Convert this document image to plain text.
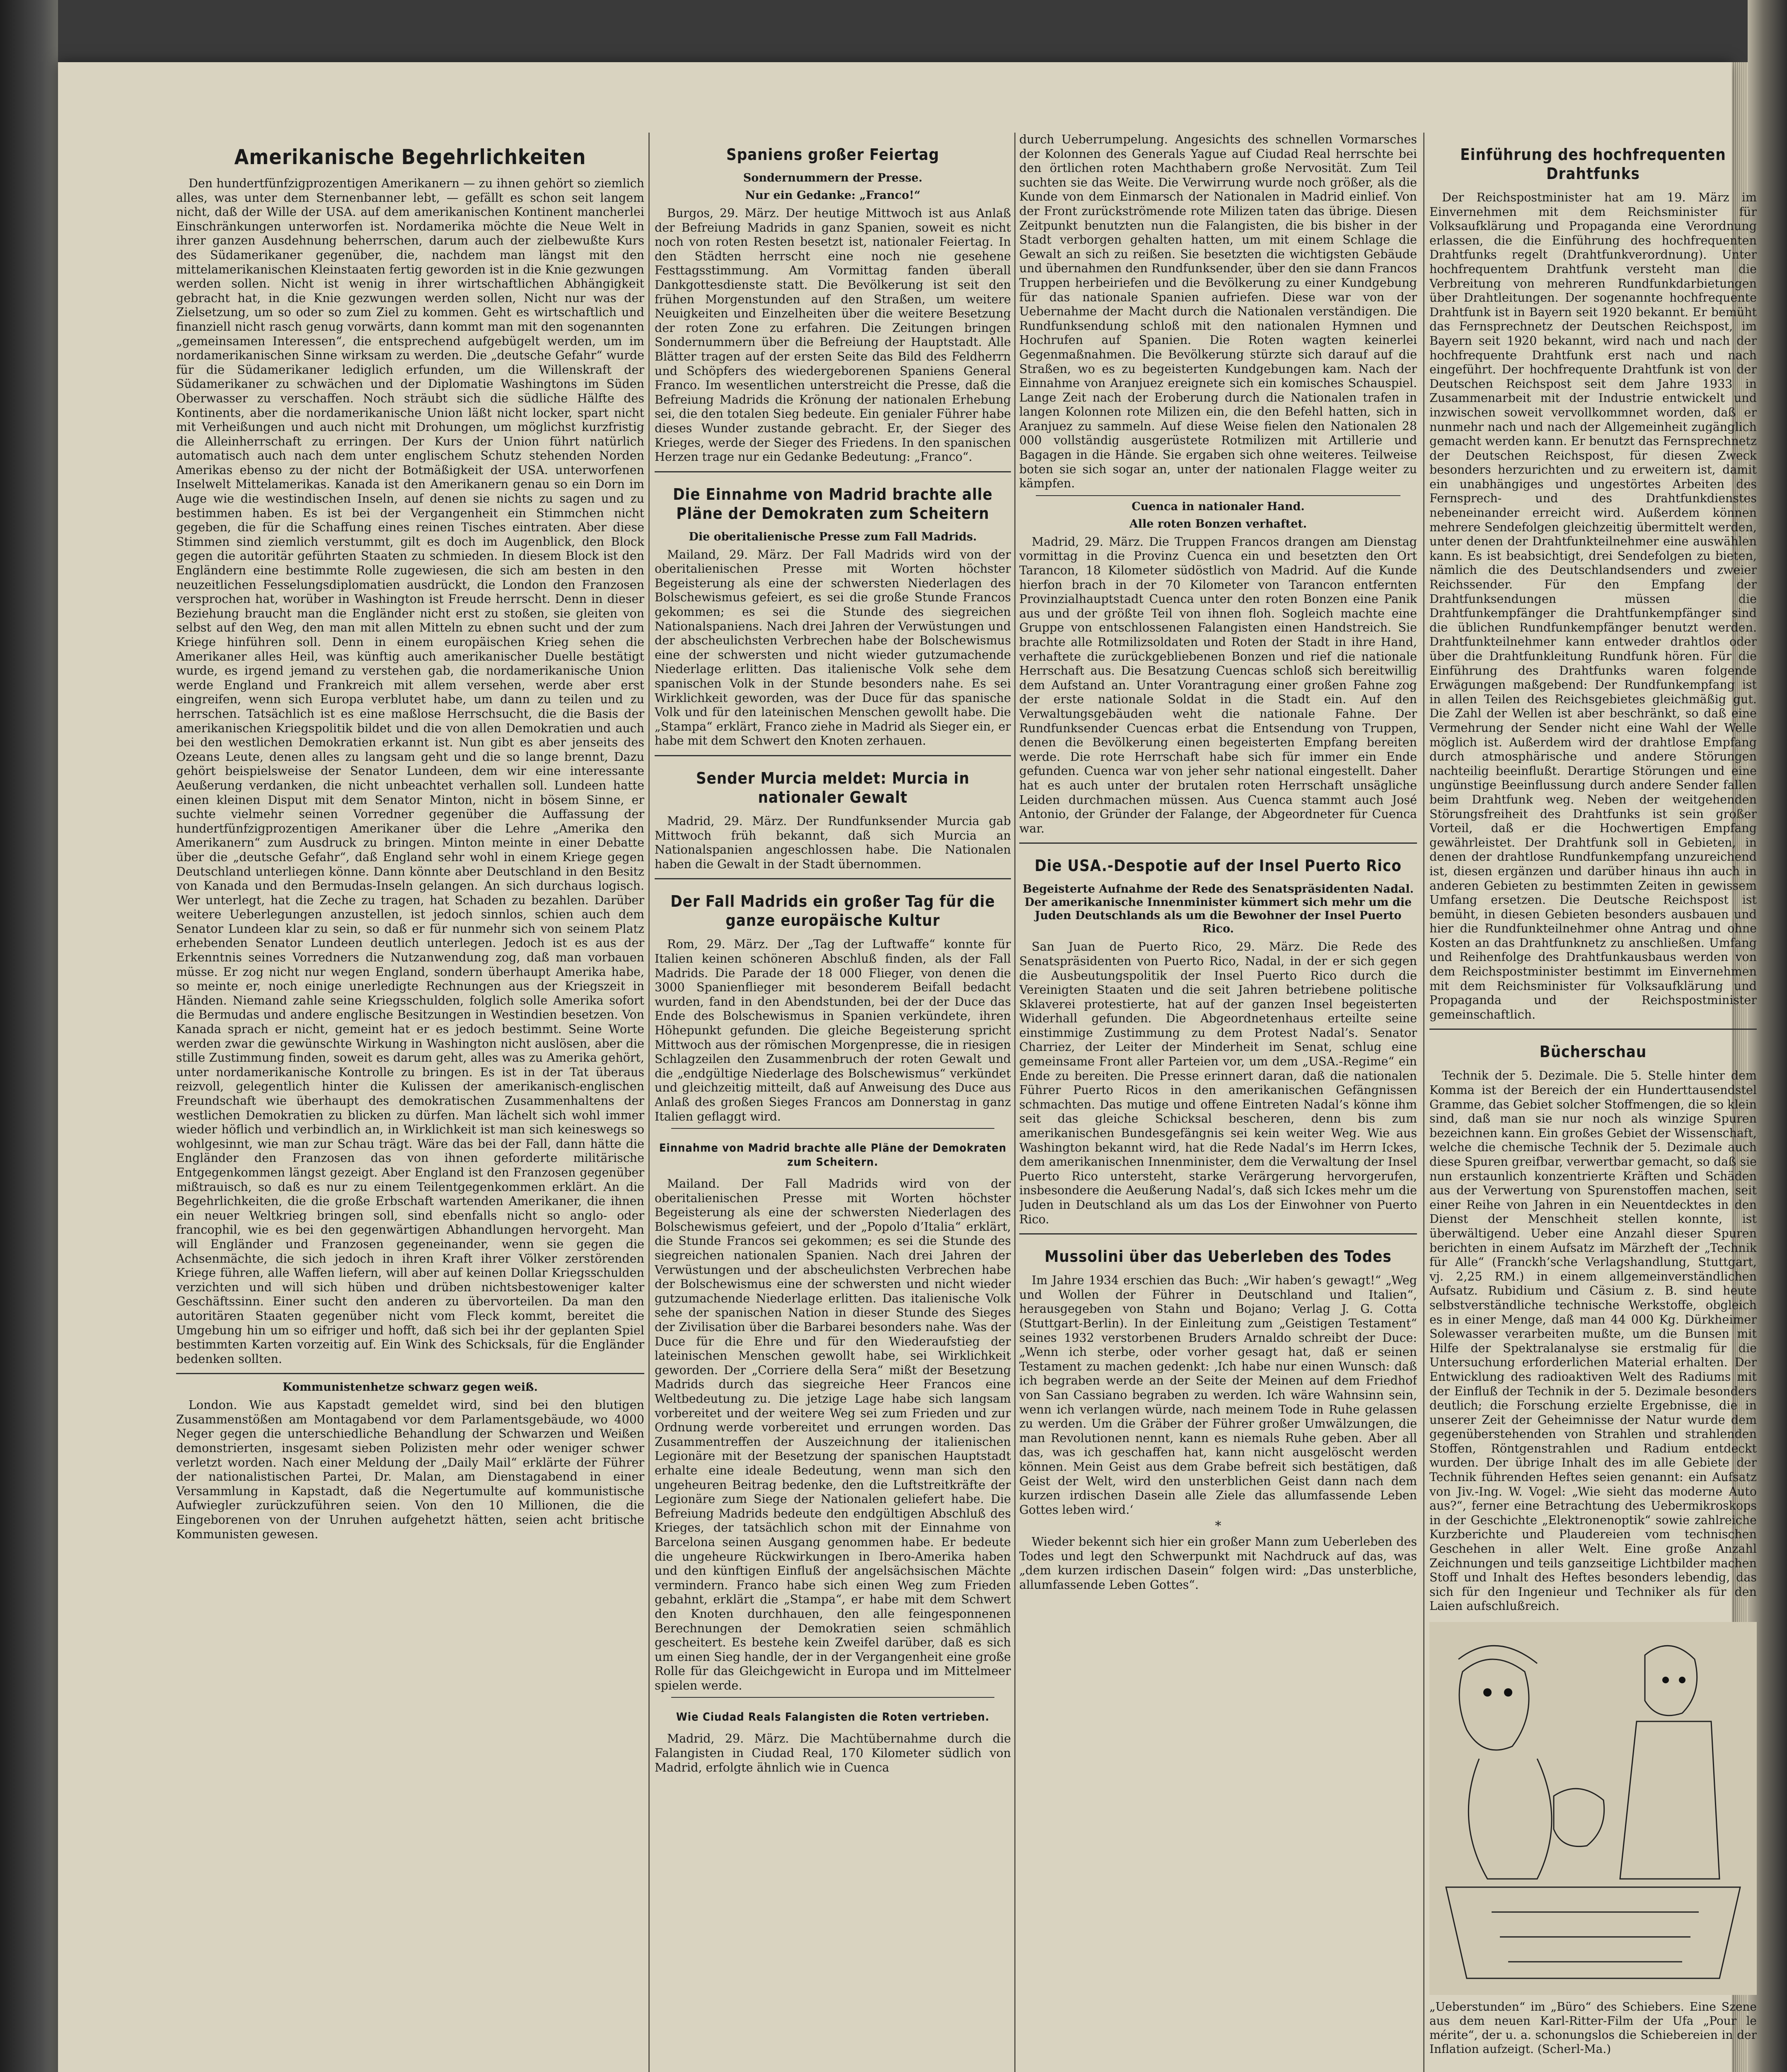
Amerikanische Begehrlichkeiten

Den hundertfünfzigprozentigen Amerikanern — zu ihnen gehört so ziemlich alles, was unter dem Sternenbanner lebt, — gefällt es schon seit langem nicht, daß der Wille der USA. auf dem amerikanischen Kontinent mancherlei Einschränkungen unterworfen ist. Nordamerika möchte die Neue Welt in ihrer ganzen Ausdehnung beherrschen, darum auch der zielbewußte Kurs des Südamerikaner gegenüber, die, nachdem man längst mit den mittelamerikanischen Kleinstaaten fertig geworden ist in die Knie gezwungen werden sollen. Nicht ist wenig in ihrer wirtschaftlichen Abhängigkeit gebracht hat, in die Knie gezwungen werden sollen, Nicht nur was der Zielsetzung, um so oder so zum Ziel zu kommen. Geht es wirtschaftlich und finanziell nicht rasch genug vorwärts, dann kommt man mit den sogenannten „gemeinsamen Interessen“, die entsprechend aufgebügelt werden, um im nordamerikanischen Sinne wirksam zu werden. Die „deutsche Gefahr“ wurde für die Südamerikaner lediglich erfunden, um die Willenskraft der Südamerikaner zu schwächen und der Diplomatie Washingtons im Süden Oberwasser zu verschaffen. Noch sträubt sich die südliche Hälfte des Kontinents, aber die nordamerikanische Union läßt nicht locker, spart nicht mit Verheißungen und auch nicht mit Drohungen, um möglichst kurzfristig die Alleinherrschaft zu erringen. Der Kurs der Union führt natürlich automatisch auch nach dem unter englischem Schutz stehenden Norden Amerikas ebenso zu der nicht der Botmäßigkeit der USA. unterworfenen Inselwelt Mittelamerikas. Kanada ist den Amerikanern genau so ein Dorn im Auge wie die westindischen Inseln, auf denen sie nichts zu sagen und zu bestimmen haben. Es ist bei der Vergangenheit ein Stimmchen nicht gegeben, die für die Schaffung eines reinen Tisches eintraten. Aber diese Stimmen sind ziemlich verstummt, gilt es doch im Augenblick, den Block gegen die autoritär geführten Staaten zu schmieden. In diesem Block ist den Engländern eine bestimmte Rolle zugewiesen, die sich am besten in den neuzeitlichen Fesselungsdiplomatien ausdrückt, die London den Franzosen versprochen hat, worüber in Washington ist Freude herrscht. Denn in dieser Beziehung braucht man die Engländer nicht erst zu stoßen, sie gleiten von selbst auf den Weg, den man mit allen Mitteln zu ebnen sucht und der zum Kriege hinführen soll. Denn in einem europäischen Krieg sehen die Amerikaner alles Heil, was künftig auch amerikanischer Duelle bestätigt wurde, es irgend jemand zu verstehen gab, die nordamerikanische Union werde England und Frankreich mit allem versehen, werde aber erst eingreifen, wenn sich Europa verblutet habe, um dann zu teilen und zu herrschen. Tatsächlich ist es eine maßlose Herrschsucht, die die Basis der amerikanischen Kriegspolitik bildet und die von allen Demokratien und auch bei den westlichen Demokratien erkannt ist. Nun gibt es aber jenseits des Ozeans Leute, denen alles zu langsam geht und die so lange brennt, Dazu gehört beispielsweise der Senator Lundeen, dem wir eine interessante Aeußerung verdanken, die nicht unbeachtet verhallen soll. Lundeen hatte einen kleinen Disput mit dem Senator Minton, nicht in bösem Sinne, er suchte vielmehr seinen Vorredner gegenüber die Auffassung der hundertfünfzigprozentigen Amerikaner über die Lehre „Amerika den Amerikanern“ zum Ausdruck zu bringen. Minton meinte in einer Debatte über die „deutsche Gefahr“, daß England sehr wohl in einem Kriege gegen Deutschland unterliegen könne. Dann könnte aber Deutschland in den Besitz von Kanada und den Bermudas-Inseln gelangen. An sich durchaus logisch. Wer unterlegt, hat die Zeche zu tragen, hat Schaden zu bezahlen. Darüber weitere Ueberlegungen anzustellen, ist jedoch sinnlos, schien auch dem Senator Lundeen klar zu sein, so daß er für nunmehr sich von seinem Platz erhebenden Senator Lundeen deutlich unterlegen. Jedoch ist es aus der Erkenntnis seines Vorredners die Nutzanwendung zog, daß man vorbauen müsse. Er zog nicht nur wegen England, sondern überhaupt Amerika habe, so meinte er, noch einige unerledigte Rechnungen aus der Kriegszeit in Händen. Niemand zahle seine Kriegsschulden, folglich solle Amerika sofort die Bermudas und andere englische Besitzungen in Westindien besetzen. Von Kanada sprach er nicht, gemeint hat er es jedoch bestimmt. Seine Worte werden zwar die gewünschte Wirkung in Washington nicht auslösen, aber die stille Zustimmung finden, soweit es darum geht, alles was zu Amerika gehört, unter nordamerikanische Kontrolle zu bringen. Es ist in der Tat überaus reizvoll, gelegentlich hinter die Kulissen der amerikanisch-englischen Freundschaft wie überhaupt des demokratischen Zusammenhaltens der westlichen Demokratien zu blicken zu dürfen. Man lächelt sich wohl immer wieder höflich und verbindlich an, in Wirklichkeit ist man sich keineswegs so wohlgesinnt, wie man zur Schau trägt. Wäre das bei der Fall, dann hätte die Engländer den Franzosen das von ihnen geforderte militärische Entgegenkommen längst gezeigt. Aber England ist den Franzosen gegenüber mißtrauisch, so daß es nur zu einem Teilentgegenkommen erklärt. An die Begehrlichkeiten, die die große Erbschaft wartenden Amerikaner, die ihnen ein neuer Weltkrieg bringen soll, sind ebenfalls nicht so anglo- oder francophil, wie es bei den gegenwärtigen Abhandlungen hervorgeht. Man will Engländer und Franzosen gegeneinander, wenn sie gegen die Achsenmächte, die sich jedoch in ihren Kraft ihrer Völker zerstörenden Kriege führen, alle Waffen liefern, will aber auf keinen Dollar Kriegsschulden verzichten und will sich hüben und drüben nichtsbestoweniger kalter Geschäftssinn. Einer sucht den anderen zu übervorteilen. Da man den autoritären Staaten gegenüber nicht vom Fleck kommt, bereitet die Umgebung hin um so eifriger und hofft, daß sich bei ihr der geplanten Spiel bestimmten Karten vorzeitig auf. Ein Wink des Schicksals, für die Engländer bedenken sollten.

Kommunistenhetze schwarz gegen weiß.

London. Wie aus Kapstadt gemeldet wird, sind bei den blutigen Zusammenstößen am Montagabend vor dem Parlamentsgebäude, wo 4000 Neger gegen die unterschiedliche Behandlung der Schwarzen und Weißen demonstrierten, insgesamt sieben Polizisten mehr oder weniger schwer verletzt worden. Nach einer Meldung der „Daily Mail“ erklärte der Führer der nationalistischen Partei, Dr. Malan, am Dienstagabend in einer Versammlung in Kapstadt, daß die Negertumulte auf kommunistische Aufwiegler zurückzuführen seien. Von den 10 Millionen, die die Eingeborenen von der Unruhen aufgehetzt hätten, seien acht britische Kommunisten gewesen.

Spaniens großer Feiertag
Sondernummern der Presse.
Nur ein Gedanke: „Franco!“

Burgos, 29. März. Der heutige Mittwoch ist aus Anlaß der Befreiung Madrids in ganz Spanien, soweit es nicht noch von roten Resten besetzt ist, nationaler Feiertag. In den Städten herrscht eine noch nie gesehene Festtagsstimmung. Am Vormittag fanden überall Dankgottesdienste statt. Die Bevölkerung ist seit den frühen Morgenstunden auf den Straßen, um weitere Neuigkeiten und Einzelheiten über die weitere Besetzung der roten Zone zu erfahren. Die Zeitungen bringen Sondernummern über die Befreiung der Hauptstadt. Alle Blätter tragen auf der ersten Seite das Bild des Feldherrn und Schöpfers des wiedergeborenen Spaniens General Franco. Im wesentlichen unterstreicht die Presse, daß die Befreiung Madrids die Krönung der nationalen Erhebung sei, die den totalen Sieg bedeute. Ein genialer Führer habe dieses Wunder zustande gebracht. Er, der Sieger des Krieges, werde der Sieger des Friedens. In den spanischen Herzen trage nur ein Gedanke Bedeutung: „Franco“.

Die Einnahme von Madrid brachte alle Pläne der Demokraten zum Scheitern
Die oberitalienische Presse zum Fall Madrids.

Mailand, 29. März. Der Fall Madrids wird von der oberitalienischen Presse mit Worten höchster Begeisterung als eine der schwersten Niederlagen des Bolschewismus gefeiert, es sei die große Stunde Francos gekommen; es sei die Stunde des siegreichen Nationalspaniens. Nach drei Jahren der Verwüstungen und der abscheulichsten Verbrechen habe der Bolschewismus eine der schwersten und nicht wieder gutzumachende Niederlage erlitten. Das italienische Volk sehe dem spanischen Volk in der Stunde besonders nahe. Es sei Wirklichkeit geworden, was der Duce für das spanische Volk und für den lateinischen Menschen gewollt habe. Die „Stampa“ erklärt, Franco ziehe in Madrid als Sieger ein, er habe mit dem Schwert den Knoten zerhauen.

Sender Murcia meldet: Murcia in nationaler Gewalt

Madrid, 29. März. Der Rundfunksender Murcia gab Mittwoch früh bekannt, daß sich Murcia an Nationalspanien angeschlossen habe. Die Nationalen haben die Gewalt in der Stadt übernommen.

Der Fall Madrids ein großer Tag für die ganze europäische Kultur

Rom, 29. März. Der „Tag der Luftwaffe“ konnte für Italien keinen schöneren Abschluß finden, als der Fall Madrids. Die Parade der 18 000 Flieger, von denen die 3000 Spanienflieger mit besonderem Beifall bedacht wurden, fand in den Abendstunden, bei der der Duce das Ende des Bolschewismus in Spanien verkündete, ihren Höhepunkt gefunden. Die gleiche Begeisterung spricht Mittwoch aus der römischen Morgenpresse, die in riesigen Schlagzeilen den Zusammenbruch der roten Gewalt und die „endgültige Niederlage des Bolschewismus“ verkündet und gleichzeitig mitteilt, daß auf Anweisung des Duce aus Anlaß des großen Sieges Francos am Donnerstag in ganz Italien geflaggt wird.

Einnahme von Madrid brachte alle Pläne der Demokraten zum Scheitern.

Mailand. Der Fall Madrids wird von der oberitalienischen Presse mit Worten höchster Begeisterung als eine der schwersten Niederlagen des Bolschewismus gefeiert, und der „Popolo d’Italia“ erklärt, die Stunde Francos sei gekommen; es sei die Stunde des siegreichen nationalen Spanien. Nach drei Jahren der Verwüstungen und der abscheulichsten Verbrechen habe der Bolschewismus eine der schwersten und nicht wieder gutzumachende Niederlage erlitten. Das italienische Volk sehe der spanischen Nation in dieser Stunde des Sieges der Zivilisation über die Barbarei besonders nahe. Was der Duce für die Ehre und für den Wiederaufstieg der lateinischen Menschen gewollt habe, sei Wirklichkeit geworden. Der „Corriere della Sera“ mißt der Besetzung Madrids durch das siegreiche Heer Francos eine Weltbedeutung zu. Die jetzige Lage habe sich langsam vorbereitet und der weitere Weg sei zum Frieden und zur Ordnung werde vorbereitet und errungen worden. Das Zusammentreffen der Auszeichnung der italienischen Legionäre mit der Besetzung der spanischen Hauptstadt erhalte eine ideale Bedeutung, wenn man sich den ungeheuren Beitrag bedenke, den die Luftstreitkräfte der Legionäre zum Siege der Nationalen geliefert habe. Die Befreiung Madrids bedeute den endgültigen Abschluß des Krieges, der tatsächlich schon mit der Einnahme von Barcelona seinen Ausgang genommen habe. Er bedeute die ungeheure Rückwirkungen in Ibero-Amerika haben und den künftigen Einfluß der angelsächsischen Mächte vermindern. Franco habe sich einen Weg zum Frieden gebahnt, erklärt die „Stampa“, er habe mit dem Schwert den Knoten durchhauen, den alle feingesponnenen Berechnungen der Demokratien seien schmählich gescheitert. Es bestehe kein Zweifel darüber, daß es sich um einen Sieg handle, der in der Vergangenheit eine große Rolle für das Gleichgewicht in Europa und im Mittelmeer spielen werde.

Wie Ciudad Reals Falangisten die Roten vertrieben.

Madrid, 29. März. Die Machtübernahme durch die Falangisten in Ciudad Real, 170 Kilometer südlich von Madrid, erfolgte ähnlich wie in Cuenca

durch Ueberrumpelung. Angesichts des schnellen Vormarsches der Kolonnen des Generals Yague auf Ciudad Real herrschte bei den örtlichen roten Machthabern große Nervosität. Zum Teil suchten sie das Weite. Die Verwirrung wurde noch größer, als die Kunde von dem Einmarsch der Nationalen in Madrid einlief. Von der Front zurückströmende rote Milizen taten das übrige. Diesen Zeitpunkt benutzten nun die Falangisten, die bis bisher in der Stadt verborgen gehalten hatten, um mit einem Schlage die Gewalt an sich zu reißen. Sie besetzten die wichtigsten Gebäude und übernahmen den Rundfunksender, über den sie dann Francos Truppen herbeiriefen und die Bevölkerung zu einer Kundgebung für das nationale Spanien aufriefen. Diese war von der Uebernahme der Macht durch die Nationalen verständigen. Die Rundfunksendung schloß mit den nationalen Hymnen und Hochrufen auf Spanien. Die Roten wagten keinerlei Gegenmaßnahmen. Die Bevölkerung stürzte sich darauf auf die Straßen, wo es zu begeisterten Kundgebungen kam. Nach der Einnahme von Aranjuez ereignete sich ein komisches Schauspiel. Lange Zeit nach der Eroberung durch die Nationalen trafen in langen Kolonnen rote Milizen ein, die den Befehl hatten, sich in Aranjuez zu sammeln. Auf diese Weise fielen den Nationalen 28 000 vollständig ausgerüstete Rotmilizen mit Artillerie und Bagagen in die Hände. Sie ergaben sich ohne weiteres. Teilweise boten sie sich sogar an, unter der nationalen Flagge weiter zu kämpfen.

Cuenca in nationaler Hand.
Alle roten Bonzen verhaftet.

Madrid, 29. März. Die Truppen Francos drangen am Dienstag vormittag in die Provinz Cuenca ein und besetzten den Ort Tarancon, 18 Kilometer südöstlich von Madrid. Auf die Kunde hierfon brach in der 70 Kilometer von Tarancon entfernten Provinzialhauptstadt Cuenca unter den roten Bonzen eine Panik aus und der größte Teil von ihnen floh. Sogleich machte eine Gruppe von entschlossenen Falangisten einen Handstreich. Sie brachte alle Rotmilizsoldaten und Roten der Stadt in ihre Hand, verhaftete die zurückgebliebenen Bonzen und rief die nationale Herrschaft aus. Die Besatzung Cuencas schloß sich bereitwillig dem Aufstand an. Unter Vorantragung einer großen Fahne zog der erste nationale Soldat in die Stadt ein. Auf den Verwaltungsgebäuden weht die nationale Fahne. Der Rundfunksender Cuencas erbat die Entsendung von Truppen, denen die Bevölkerung einen begeisterten Empfang bereiten werde. Die rote Herrschaft habe sich für immer ein Ende gefunden. Cuenca war von jeher sehr national eingestellt. Daher hat es auch unter der brutalen roten Herrschaft unsägliche Leiden durchmachen müssen. Aus Cuenca stammt auch José Antonio, der Gründer der Falange, der Abgeordneter für Cuenca war.

Die USA.-Despotie auf der Insel Puerto Rico
Begeisterte Aufnahme der Rede des Senatspräsidenten Nadal. Der amerikanische Innenminister kümmert sich mehr um die Juden Deutschlands als um die Bewohner der Insel Puerto Rico.

San Juan de Puerto Rico, 29. März. Die Rede des Senatspräsidenten von Puerto Rico, Nadal, in der er sich gegen die Ausbeutungspolitik der Insel Puerto Rico durch die Vereinigten Staaten und die seit Jahren betriebene politische Sklaverei protestierte, hat auf der ganzen Insel begeisterten Widerhall gefunden. Die Abgeordnetenhaus erteilte seine einstimmige Zustimmung zu dem Protest Nadal’s. Senator Charriez, der Leiter der Minderheit im Senat, schlug eine gemeinsame Front aller Parteien vor, um dem „USA.-Regime“ ein Ende zu bereiten. Die Presse erinnert daran, daß die nationalen Führer Puerto Ricos in den amerikanischen Gefängnissen schmachten. Das mutige und offene Eintreten Nadal’s könne ihm seit das gleiche Schicksal bescheren, denn bis zum amerikanischen Bundesgefängnis sei kein weiter Weg. Wie aus Washington bekannt wird, hat die Rede Nadal’s im Herrn Ickes, dem amerikanischen Innenminister, dem die Verwaltung der Insel Puerto Rico untersteht, starke Verärgerung hervorgerufen, insbesondere die Aeußerung Nadal’s, daß sich Ickes mehr um die Juden in Deutschland als um das Los der Einwohner von Puerto Rico.

Mussolini über das Ueberleben des Todes

Im Jahre 1934 erschien das Buch: „Wir haben’s gewagt!“ „Weg und Wollen der Führer in Deutschland und Italien“, herausgegeben von Stahn und Bojano; Verlag J. G. Cotta (Stuttgart-Berlin). In der Einleitung zum „Geistigen Testament“ seines 1932 verstorbenen Bruders Arnaldo schreibt der Duce: „Wenn ich sterbe, oder vorher gesagt hat, daß er seinen Testament zu machen gedenkt: ‚Ich habe nur einen Wunsch: daß ich begraben werde an der Seite der Meinen auf dem Friedhof von San Cassiano begraben zu werden. Ich wäre Wahnsinn sein, wenn ich verlangen würde, nach meinem Tode in Ruhe gelassen zu werden. Um die Gräber der Führer großer Umwälzungen, die man Revolutionen nennt, kann es niemals Ruhe geben. Aber all das, was ich geschaffen hat, kann nicht ausgelöscht werden können. Mein Geist aus dem Grabe befreit sich bestätigen, daß Geist der Welt, wird den unsterblichen Geist dann nach dem kurzen irdischen Dasein alle Ziele das allumfassende Leben Gottes leben wird.‘

*

Wieder bekennt sich hier ein großer Mann zum Ueberleben des Todes und legt den Schwerpunkt mit Nachdruck auf das, was „dem kurzen irdischen Dasein“ folgen wird: „Das unsterbliche, allumfassende Leben Gottes“.

Einführung des hochfrequenten Drahtfunks

Der Reichspostminister hat am 19. März im Einvernehmen mit dem Reichsminister für Volksaufklärung und Propaganda eine Verordnung erlassen, die die Einführung des hochfrequenten Drahtfunks regelt (Drahtfunkverordnung). Unter hochfrequentem Drahtfunk versteht man die Verbreitung von mehreren Rundfunkdarbietungen über Drahtleitungen. Der sogenannte hochfrequente Drahtfunk ist in Bayern seit 1920 bekannt. Er bemüht das Fernsprechnetz der Deutschen Reichspost, im Bayern seit 1920 bekannt, wird nach und nach der hochfrequente Drahtfunk erst nach und nach eingeführt. Der hochfrequente Drahtfunk ist von der Deutschen Reichspost seit dem Jahre 1933 in Zusammenarbeit mit der Industrie entwickelt und inzwischen soweit vervollkommnet worden, daß er nunmehr nach und nach der Allgemeinheit zugänglich gemacht werden kann. Er benutzt das Fernsprechnetz der Deutschen Reichspost, für diesen Zweck besonders herzurichten und zu erweitern ist, damit ein unabhängiges und ungestörtes Arbeiten des Fernsprech- und des Drahtfunkdienstes nebeneinander erreicht wird. Außerdem können mehrere Sendefolgen gleichzeitig übermittelt werden, unter denen der Drahtfunkteilnehmer eine auswählen kann. Es ist beabsichtigt, drei Sendefolgen zu bieten, nämlich die des Deutschlandsenders und zweier Reichssender. Für den Empfang der Drahtfunksendungen müssen die Drahtfunkempfänger die Drahtfunkempfänger sind die üblichen Rundfunkempfänger benutzt werden. Drahtfunkteilnehmer kann entweder drahtlos oder über die Drahtfunkleitung Rundfunk hören. Für die Einführung des Drahtfunks waren folgende Erwägungen maßgebend: Der Rundfunkempfang ist in allen Teilen des Reichsgebietes gleichmäßig gut. Die Zahl der Wellen ist aber beschränkt, so daß eine Vermehrung der Sender nicht eine Wahl der Welle möglich ist. Außerdem wird der drahtlose Empfang durch atmosphärische und andere Störungen nachteilig beeinflußt. Derartige Störungen und eine ungünstige Beeinflussung durch andere Sender fallen beim Drahtfunk weg. Neben der weitgehenden Störungsfreiheit des Drahtfunks ist sein großer Vorteil, daß er die Hochwertigen Empfang gewährleistet. Der Drahtfunk soll in Gebieten, in denen der drahtlose Rundfunkempfang unzureichend ist, diesen ergänzen und darüber hinaus ihn auch in anderen Gebieten zu bestimmten Zeiten in gewissem Umfang ersetzen. Die Deutsche Reichspost ist bemüht, in diesen Gebieten besonders ausbauen und hier die Rundfunkteilnehmer ohne Antrag und ohne Kosten an das Drahtfunknetz zu anschließen. Umfang und Reihenfolge des Drahtfunkausbaus werden von dem Reichspostminister bestimmt im Einvernehmen mit dem Reichsminister für Volksaufklärung und Propaganda und der Reichspostminister gemeinschaftlich.

Bücherschau

Technik der 5. Dezimale. Die 5. Stelle hinter dem Komma ist der Bereich der ein Hunderttausendstel Gramme, das Gebiet solcher Stoffmengen, die so klein sind, daß man sie nur noch als winzige Spuren bezeichnen kann. Ein großes Gebiet der Wissenschaft, welche die chemische Technik der 5. Dezimale auch diese Spuren greifbar, verwertbar gemacht, so daß sie nun erstaunlich konzentrierte Kräften und Schäden aus der Verwertung von Spurenstoffen machen, seit einer Reihe von Jahren in ein Neuentdecktes in den Dienst der Menschheit stellen konnte, ist überwältigend. Ueber eine Anzahl dieser Spuren berichten in einem Aufsatz im Märzheft der „Technik für Alle“ (Franckh’sche Verlagshandlung, Stuttgart, vj. 2,25 RM.) in einem allgemeinverständlichen Aufsatz. Rubidium und Cäsium z. B. sind heute selbstverständliche technische Werkstoffe, obgleich es in einer Menge, daß man 44 000 Kg. Dürkheimer Solewasser verarbeiten mußte, um die Bunsen mit Hilfe der Spektralanalyse sie erstmalig für die Untersuchung erforderlichen Material erhalten. Der Entwicklung des radioaktiven Welt des Radiums mit der Einfluß der Technik in der 5. Dezimale besonders deutlich; die Forschung erzielte Ergebnisse, die in unserer Zeit der Geheimnisse der Natur wurde dem gegenüberstehenden von Strahlen und strahlenden Stoffen, Röntgenstrahlen und Radium entdeckt wurden. Der übrige Inhalt des im alle Gebiete der Technik führenden Heftes seien genannt: ein Aufsatz von Jiv.-Ing. W. Vogel: „Wie sieht das moderne Auto aus?“, ferner eine Betrachtung des Uebermikroskops in der Geschichte „Elektronenoptik“ sowie zahlreiche Kurzberichte und Plaudereien vom technischen Geschehen in aller Welt. Eine große Anzahl Zeichnungen und teils ganzseitige Lichtbilder machen Stoff und Inhalt des Heftes besonders lebendig, das sich für den Ingenieur und Techniker als für den Laien aufschlußreich.

„Ueberstunden“ im „Büro“ des Schiebers. Eine Szene aus dem neuen Karl-Ritter-Film der Ufa „Pour le mérite“, der u. a. schonungslos die Schiebereien in der Inflation aufzeigt. (Scherl-Ma.)
